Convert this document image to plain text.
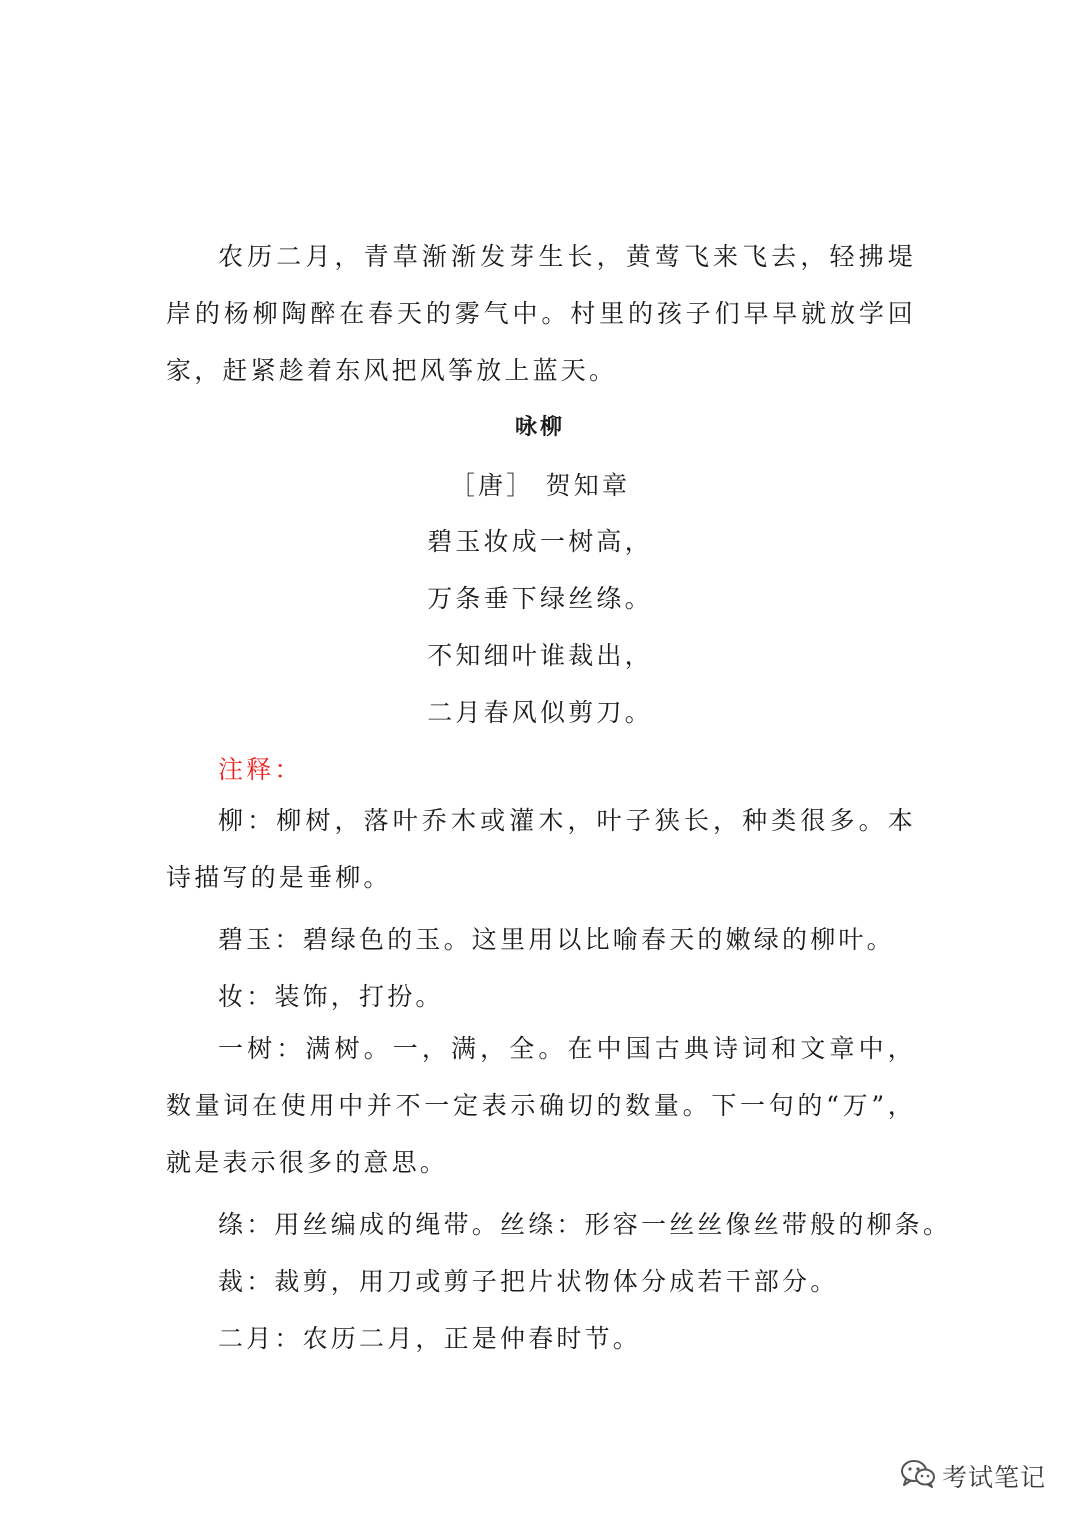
农历二月，青草渐渐发芽生长，黄莺飞来飞去，轻拂堤岸的杨柳陶醉在春天的雾气中。村里的孩子们早早就放学回家，赶紧趁着东风把风筝放上蓝天。

咏柳

［唐］ 贺知章

碧玉妆成一树高，

万条垂下绿丝绦。

不知细叶谁裁出，

二月春风似剪刀。

注释：

柳：柳树，落叶乔木或灌木，叶子狭长，种类很多。本诗描写的是垂柳。

碧玉：碧绿色的玉。这里用以比喻春天的嫩绿的柳叶。

妆：装饰，打扮。

一树：满树。一，满，全。在中国古典诗词和文章中，数量词在使用中并不一定表示确切的数量。下一句的“万”，就是表示很多的意思。

绦：用丝编成的绳带。丝绦：形容一丝丝像丝带般的柳条。

裁：裁剪，用刀或剪子把片状物体分成若干部分。

二月：农历二月，正是仲春时节。

考试笔记
